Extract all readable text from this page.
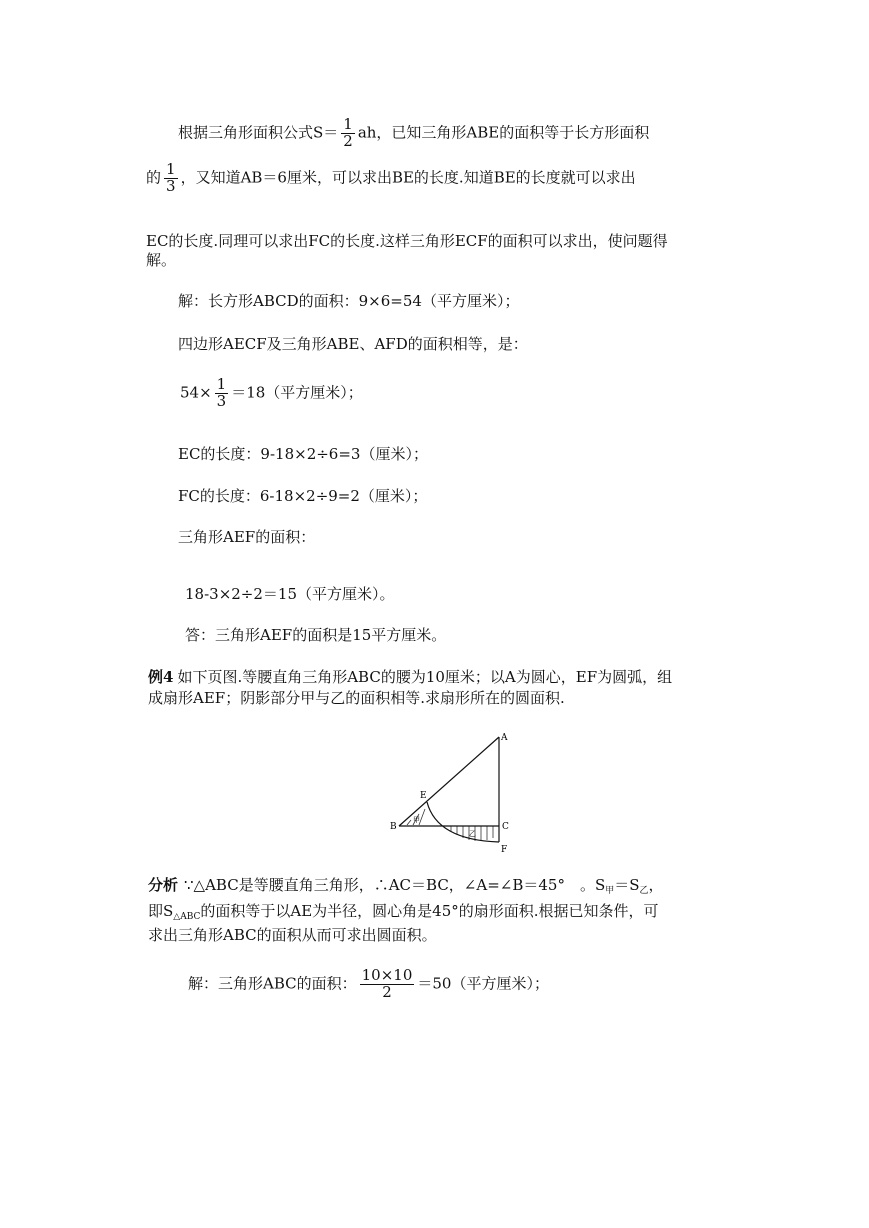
根据三角形面积公式$S= \frac{1}{2}$ ah，已知三角形ABE的面积等于长方形面积
的 $\frac{1}{3}$ ，又知道AB＝6厘米，可以求出BE的长度.知道BE的长度就可以求出
EC的长度.同理可以求出FC的长度.这样三角形ECF的面积可以求出，使问题得
解。
解：长方形ABCD的面积：9×6=54（平方厘米）；
四边形AECF及三角形ABE、AFD的面积相等，是：
$54\times \frac{1}{3} =18$（平方厘米）；
EC的长度：9-18×2÷6=3（厘米）；
FC的长度：6-18×2÷9=2（厘米）；
三角形AEF的面积：
18-3×2÷2＝15（平方厘米）。
答：三角形AEF的面积是15平方厘米。
例4 如下页图.等腰直角三角形ABC的腰为10厘米；以A为圆心，EF为圆弧，组
成扇形AEF；阴影部分甲与乙的面积相等.求扇形所在的圆面积.
A
B	C
E
F
甲
乙
分析 ∵△ABC是等腰直角三角形，∴AC＝BC，∠A=∠B＝45°　。$S_甲=S_乙$，
即$S_{\triangle ABC}$的面积等于以AE为半径，圆心角是45°的扇形面积.根据已知条件，可
求出三角形ABC的面积从而可求出圆面积。
解：三角形ABC的面积： $\frac{10\times 10}{2} =50$（平方厘米）；
